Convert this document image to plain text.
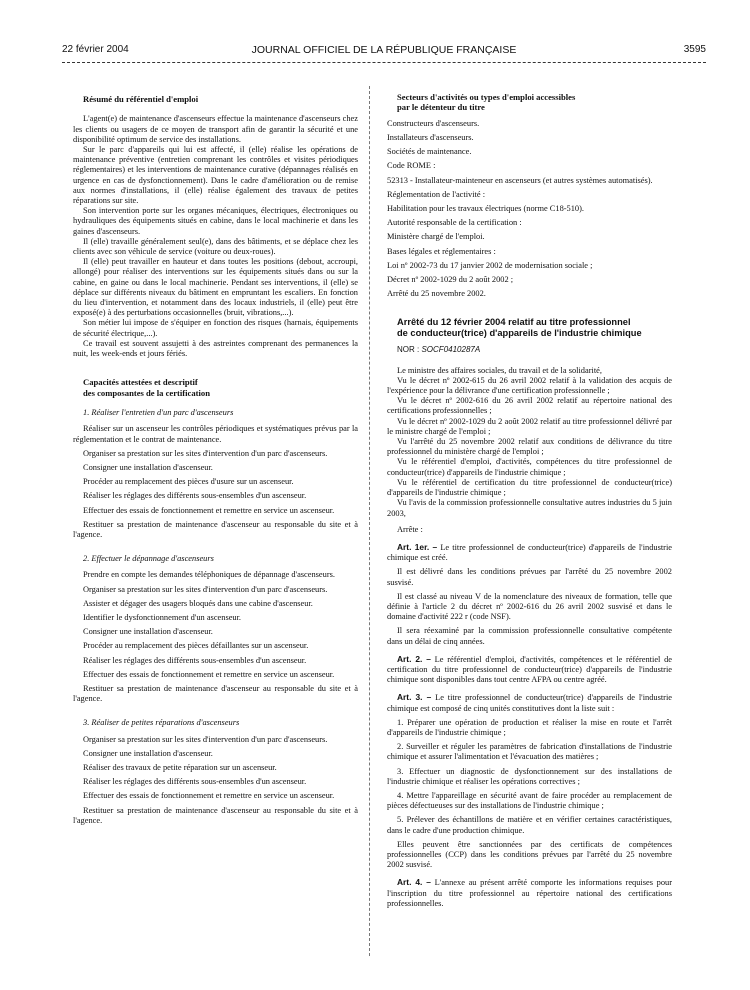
22 février 2004	JOURNAL OFFICIEL DE LA RÉPUBLIQUE FRANÇAISE	3595

Résumé du référentiel d'emploi

L'agent(e) de maintenance d'ascenseurs effectue la maintenance d'ascenseurs chez les clients ou usagers de ce moyen de transport afin de garantir la sécurité et une disponibilité optimum de service des installations.

Sur le parc d'appareils qui lui est affecté, il (elle) réalise les opérations de maintenance préventive (entretien comprenant les contrôles et visites périodiques réglementaires) et les interventions de maintenance curative (dépannages réalisés en urgence en cas de dysfonctionnement). Dans le cadre d'amélioration ou de remise aux normes d'installations, il (elle) réalise également des travaux de petites réparations sur site.

Son intervention porte sur les organes mécaniques, électriques, électroniques ou hydrauliques des équipements situés en cabine, dans le local machinerie et dans les gaines d'ascenseurs.

Il (elle) travaille généralement seul(e), dans des bâtiments, et se déplace chez les clients avec son véhicule de service (voiture ou deux-roues).

Il (elle) peut travailler en hauteur et dans toutes les positions (debout, accroupi, allongé) pour réaliser des interventions sur les équipements situés dans ou sur la cabine, en gaine ou dans le local machinerie. Pendant ses interventions, il (elle) se déplace sur différents niveaux du bâtiment en empruntant les escaliers. En fonction du lieu d'intervention, et notamment dans des locaux industriels, il (elle) peut être exposé(e) à des perturbations occasionnelles (bruit, vibrations,...).

Son métier lui impose de s'équiper en fonction des risques (harnais, équipements de sécurité électrique,...).

Ce travail est souvent assujetti à des astreintes comprenant des permanences la nuit, les week-ends et jours fériés.

Capacités attestées et descriptif

des composantes de la certification

1. Réaliser l'entretien d'un parc d'ascenseurs

Réaliser sur un ascenseur les contrôles périodiques et systématiques prévus par la réglementation et le contrat de maintenance.

Organiser sa prestation sur les sites d'intervention d'un parc d'ascenseurs.

Consigner une installation d'ascenseur.

Procéder au remplacement des pièces d'usure sur un ascenseur.

Réaliser les réglages des différents sous-ensembles d'un ascenseur.

Effectuer des essais de fonctionnement et remettre en service un ascenseur.

Restituer sa prestation de maintenance d'ascenseur au responsable du site et à l'agence.

2. Effectuer le dépannage d'ascenseurs

Prendre en compte les demandes téléphoniques de dépannage d'ascenseurs.

Organiser sa prestation sur les sites d'intervention d'un parc d'ascenseurs.

Assister et dégager des usagers bloqués dans une cabine d'ascenseur.

Identifier le dysfonctionnement d'un ascenseur.

Consigner une installation d'ascenseur.

Procéder au remplacement des pièces défaillantes sur un ascenseur.

Réaliser les réglages des différents sous-ensembles d'un ascenseur.

Effectuer des essais de fonctionnement et remettre en service un ascenseur.

Restituer sa prestation de maintenance d'ascenseur au responsable du site et à l'agence.

3. Réaliser de petites réparations d'ascenseurs

Organiser sa prestation sur les sites d'intervention d'un parc d'ascenseurs.

Consigner une installation d'ascenseur.

Réaliser des travaux de petite réparation sur un ascenseur.

Réaliser les réglages des différents sous-ensembles d'un ascenseur.

Effectuer des essais de fonctionnement et remettre en service un ascenseur.

Restituer sa prestation de maintenance d'ascenseur au responsable du site et à l'agence.

Secteurs d'activités ou types d'emploi accessibles

par le détenteur du titre

Constructeurs d'ascenseurs.

Installateurs d'ascenseurs.

Sociétés de maintenance.

Code ROME :

52313 - Installateur-mainteneur en ascenseurs (et autres systèmes automatisés).

Réglementation de l'activité :

Habilitation pour les travaux électriques (norme C18-510).

Autorité responsable de la certification :

Ministère chargé de l'emploi.

Bases légales et réglementaires :

Loi nº 2002-73 du 17 janvier 2002 de modernisation sociale ;

Décret nº 2002-1029 du 2 août 2002 ;

Arrêté du 25 novembre 2002.

Arrêté du 12 février 2004 relatif au titre professionnel

de conducteur(trice) d'appareils de l'industrie chimique

NOR : SOCF0410287A

Le ministre des affaires sociales, du travail et de la solidarité,

Vu le décret nº 2002-615 du 26 avril 2002 relatif à la validation des acquis de l'expérience pour la délivrance d'une certification professionnelle ;

Vu le décret nº 2002-616 du 26 avril 2002 relatif au répertoire national des certifications professionnelles ;

Vu le décret nº 2002-1029 du 2 août 2002 relatif au titre professionnel délivré par le ministre chargé de l'emploi ;

Vu l'arrêté du 25 novembre 2002 relatif aux conditions de délivrance du titre professionnel du ministère chargé de l'emploi ;

Vu le référentiel d'emploi, d'activités, compétences du titre professionnel de conducteur(trice) d'appareils de l'industrie chimique ;

Vu le référentiel de certification du titre professionnel de conducteur(trice) d'appareils de l'industrie chimique ;

Vu l'avis de la commission professionnelle consultative autres industries du 5 juin 2003,

Arrête :

Art. 1er. – Le titre professionnel de conducteur(trice) d'appareils de l'industrie chimique est créé.

Il est délivré dans les conditions prévues par l'arrêté du 25 novembre 2002 susvisé.

Il est classé au niveau V de la nomenclature des niveaux de formation, telle que définie à l'article 2 du décret nº 2002-616 du 26 avril 2002 susvisé et dans le domaine d'activité 222 r (code NSF).

Il sera réexaminé par la commission professionnelle consultative compétente dans un délai de cinq années.

Art. 2. – Le référentiel d'emploi, d'activités, compétences et le référentiel de certification du titre professionnel de conducteur(trice) d'appareils de l'industrie chimique sont disponibles dans tout centre AFPA ou centre agréé.

Art. 3. – Le titre professionnel de conducteur(trice) d'appareils de l'industrie chimique est composé de cinq unités constitutives dont la liste suit :

1. Préparer une opération de production et réaliser la mise en route et l'arrêt d'appareils de l'industrie chimique ;

2. Surveiller et réguler les paramètres de fabrication d'installations de l'industrie chimique et assurer l'alimentation et l'évacuation des matières ;

3. Effectuer un diagnostic de dysfonctionnement sur des installations de l'industrie chimique et réaliser les opérations correctives ;

4. Mettre l'appareillage en sécurité avant de faire procéder au remplacement de pièces défectueuses sur des installations de l'industrie chimique ;

5. Prélever des échantillons de matière et en vérifier certaines caractéristiques, dans le cadre d'une production chimique.

Elles peuvent être sanctionnées par des certificats de compétences professionnelles (CCP) dans les conditions prévues par l'arrêté du 25 novembre 2002 susvisé.

Art. 4. – L'annexe au présent arrêté comporte les informations requises pour l'inscription du titre professionnel au répertoire national des certifications professionnelles.
